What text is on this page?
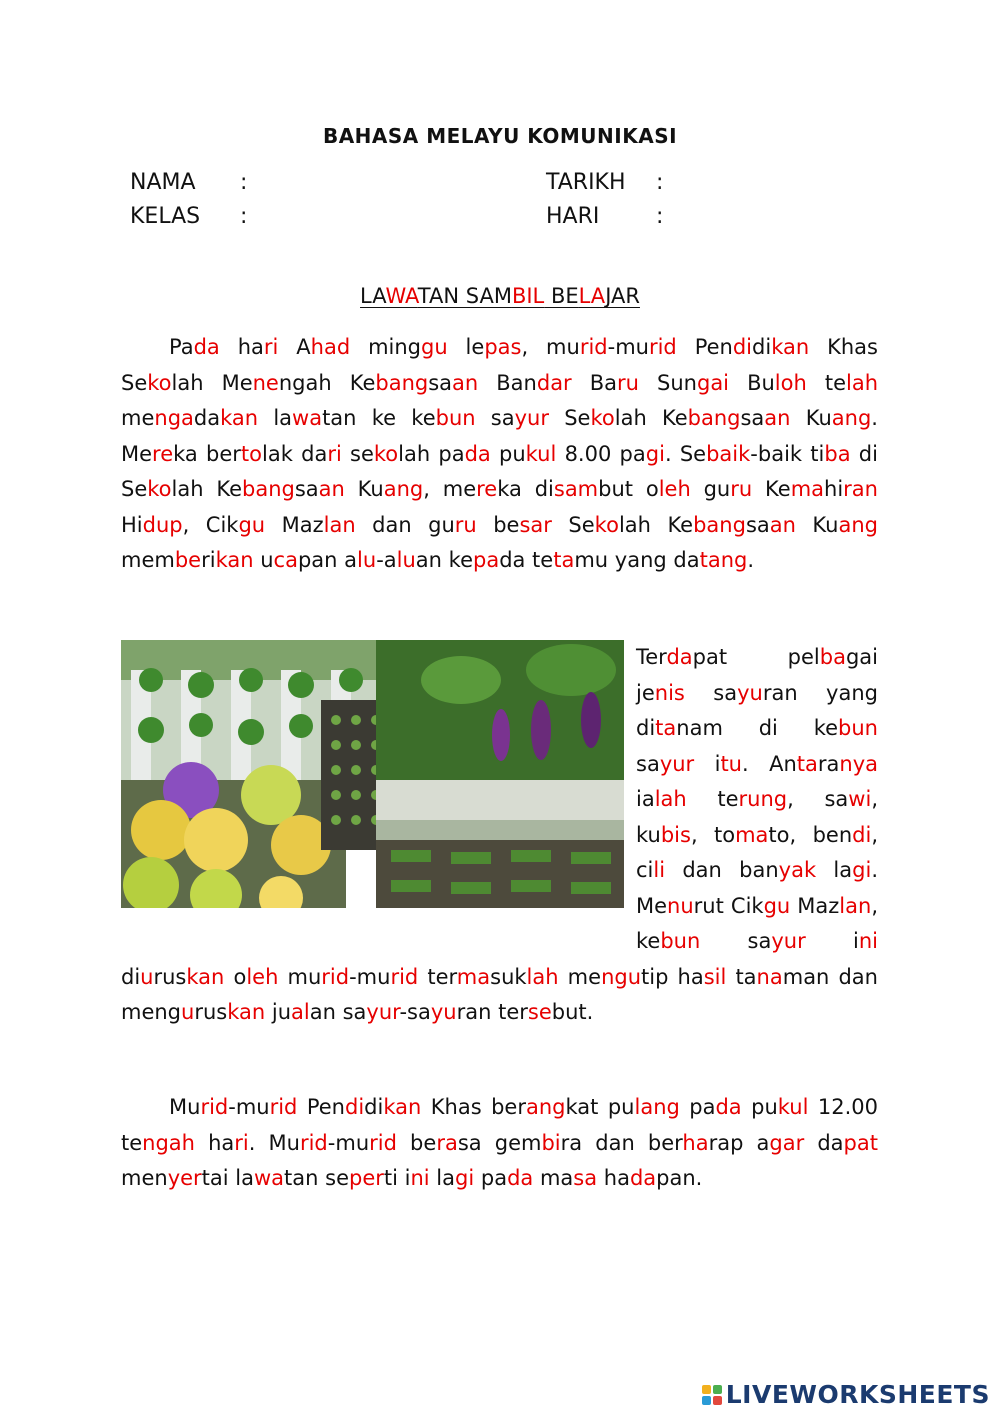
BAHASA MELAYU KOMUNIKASI
NAMA :
KELAS :
TARIKH :
HARI	:
LAWATAN SAMBIL BELAJAR
Pada hari Ahad minggu lepas, murid-murid Pendidikan Khas Sekolah Menengah Kebangsaan Bandar Baru Sungai Buloh telah mengadakan lawatan ke kebun sayur Sekolah Kebangsaan Kuang. Mereka bertolak dari sekolah pada pukul 8.00 pagi. Sebaik-baik tiba di Sekolah Kebangsaan Kuang, mereka disambut oleh guru Kemahiran Hidup, Cikgu Mazlan dan guru besar Sekolah Kebangsaan Kuang memberikan ucapan alu-aluan kepada tetamu yang datang.
Terdapat pelbagai jenis sayuran yang ditanam di kebun sayur itu. Antaranya ialah terung, sawi, kubis, tomato, bendi, cili dan banyak lagi. Menurut Cikgu Mazlan, kebun sayur ini diuruskan oleh murid-murid termasuklah mengutip hasil tanaman dan menguruskan jualan sayur-sayuran tersebut.
Murid-murid Pendidikan Khas berangkat pulang pada pukul 12.00 tengah hari. Murid-murid berasa gembira dan berharap agar dapat menyertai lawatan seperti ini lagi pada masa hadapan.
LIVEWORKSHEETS
